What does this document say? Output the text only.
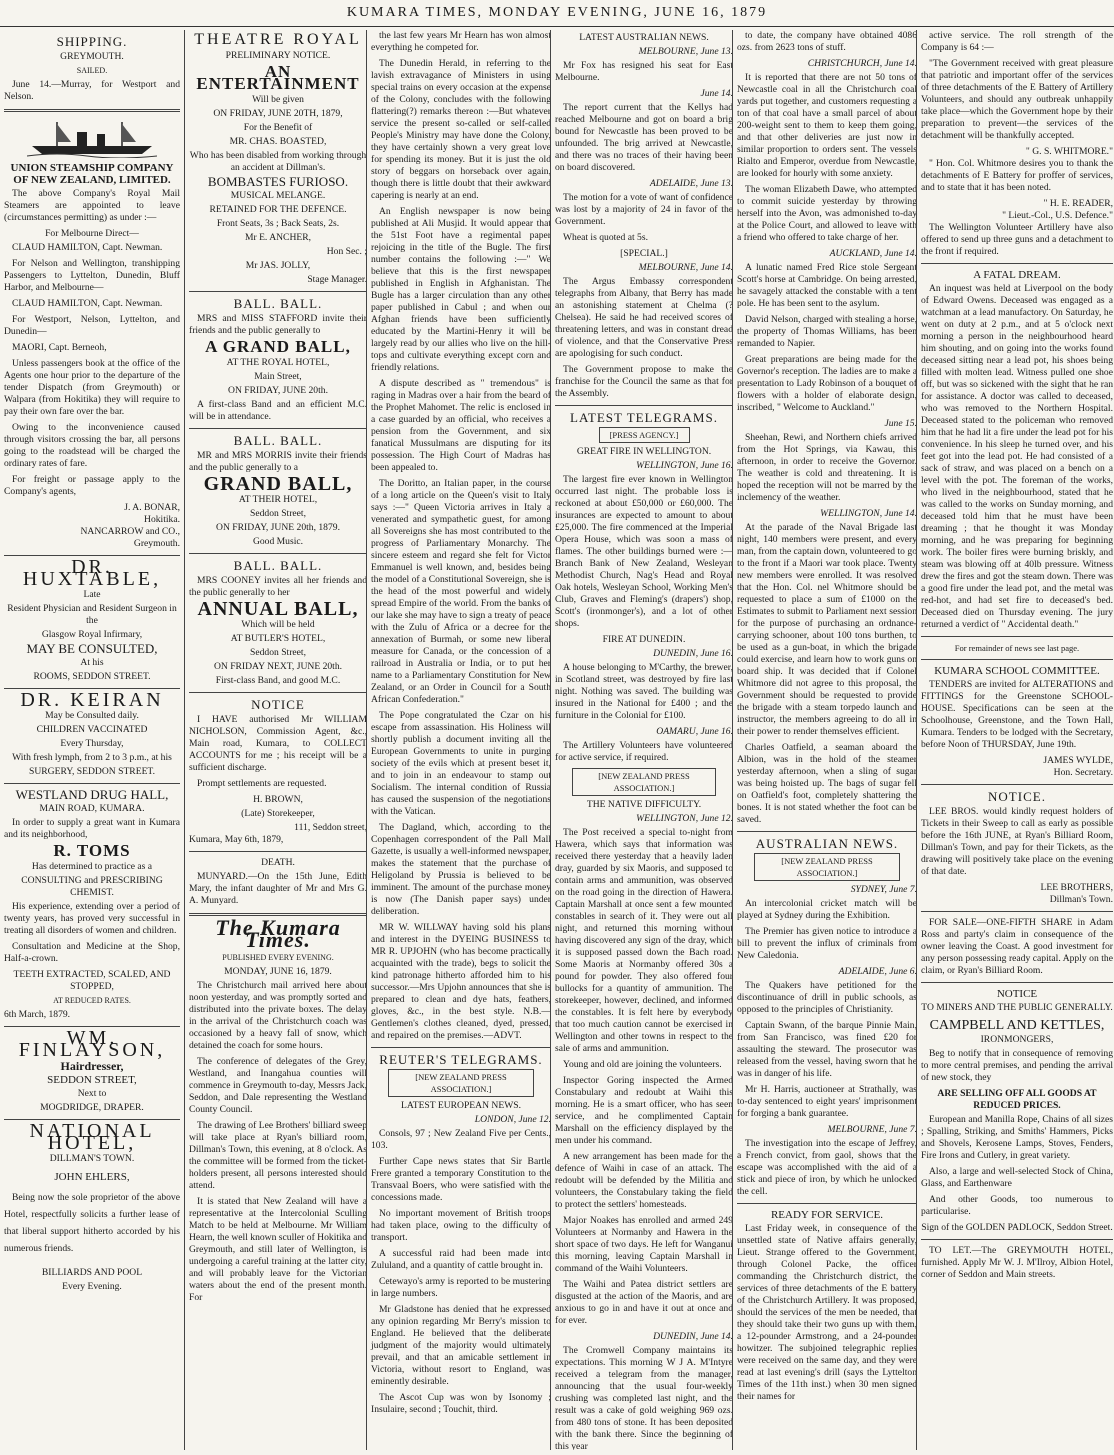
KUMARA TIMES, MONDAY EVENING, JUNE 16, 1879
SHIPPING.
GREYMOUTH.
SAILED.

June 14.—Murray, for Westport and Nelson.

UNION STEAMSHIP COMPANY OF NEW ZEALAND, LIMITED.

The above Company's Royal Mail Steamers are appointed to leave (circumstances permitting) as under :—

For Melbourne Direct—

CLAUD HAMILTON, Capt. Newman.

For Nelson and Wellington, transhipping Passengers to Lyttelton, Dunedin, Bluff Harbor, and Melbourne—

CLAUD HAMILTON, Capt. Newman.

For Westport, Nelson, Lyttelton, and Dunedin—

MAORI, Capt. Berneoh,

Unless passengers book at the office of the Agents one hour prior to the departure of the tender Dispatch (from Greymouth) or Walpara (from Hokitika) they will require to pay their own fare over the bar.

Owing to the inconvenience caused through visitors crossing the bar, all persons going to the roadstead will be charged the ordinary rates of fare.

For freight or passage apply to the Company's agents,

J. A. BONAR,
Hokitika.
NANCARROW and CO.,
Greymouth.
DR. HUXTABLE,
Late
Resident Physician and Resident Surgeon in the
Glasgow Royal Infirmary,
MAY BE CONSULTED,
At his
ROOMS, SEDDON STREET.
DR. KEIRAN
May be Consulted daily.
CHILDREN VACCINATED
Every Thursday,
With fresh lymph, from 2 to 3 p.m., at his
SURGERY, SEDDON STREET.
WESTLAND DRUG HALL,
MAIN ROAD, KUMARA.

In order to supply a great want in Kumara and its neighborhood,

R. TOMS
Has determined to practice as a
CONSULTING and PRESCRIBING CHEMIST.

His experience, extending over a period of twenty years, has proved very successful in treating all disorders of women and children.

Consultation and Medicine at the Shop, Half-a-crown.

TEETH EXTRACTED, SCALED, AND STOPPED,
AT REDUCED RATES.
6th March, 1879.
WM. FINLAYSON,
Hairdresser,
SEDDON STREET,
Next to
MOGDRIDGE, DRAPER.
NATIONAL HOTEL,
DILLMAN'S TOWN.
JOHN EHLERS,

Being now the sole proprietor of the above Hotel, respectfully solicits a further lease of that liberal support hitherto accorded by his numerous friends.

BILLIARDS AND POOL
Every Evening.
THEATRE ROYAL
PRELIMINARY NOTICE.
AN ENTERTAINMENT
Will be given
ON FRIDAY, JUNE 20TH, 1879,
For the Benefit of
MR. CHAS. BOASTED,
Who has been disabled from working through an accident at Dillman's.
BOMBASTES FURIOSO.
MUSICAL MELANGE.
RETAINED FOR THE DEFENCE.
Front Seats, 3s ; Back Seats, 2s.
Mr E. ANCHER,
Hon Sec. ;
Mr JAS. JOLLY,
Stage Manager.
BALL. BALL.

MRS and MISS STAFFORD invite their friends and the public generally to

A GRAND BALL,
AT THE ROYAL HOTEL,
Main Street,
ON FRIDAY, JUNE 20th.

A first-class Band and an efficient M.C. will be in attendance.

BALL. BALL.

MR and MRS MORRIS invite their friends and the public generally to a

GRAND BALL,
AT THEIR HOTEL,
Seddon Street,
ON FRIDAY, JUNE 20th, 1879.
Good Music.
BALL. BALL.

MRS COONEY invites all her friends and the public generally to her

ANNUAL BALL,
Which will be held
AT BUTLER'S HOTEL,
Seddon Street,
ON FRIDAY NEXT, JUNE 20th.
First-class Band, and good M.C.
NOTICE

I HAVE authorised Mr WILLIAM NICHOLSON, Commission Agent, &c., Main road, Kumara, to COLLECT ACCOUNTS for me ; his receipt will be a sufficient discharge.

Prompt settlements are requested.

H. BROWN,
(Late) Storekeeper,
111, Seddon street,
Kumara, May 6th, 1879,
DEATH.

MUNYARD.—On the 15th June, Edith Mary, the infant daughter of Mr and Mrs G. A. Munyard.

The Kumara Times.
PUBLISHED EVERY EVENING.
MONDAY, JUNE 16, 1879.

The Christchurch mail arrived here about noon yesterday, and was promptly sorted and distributed into the private boxes. The delay in the arrival of the Christchurch coach was occasioned by a heavy fall of snow, which detained the coach for some hours.

The conference of delegates of the Grey, Westland, and Inangahua counties will commence in Greymouth to-day, Messrs Jack, Seddon, and Dale representing the Westland County Council.

The drawing of Lee Brothers' billiard sweep will take place at Ryan's billiard room, Dillman's Town, this evening, at 8 o'clock. As the committee will be formed from the ticket-holders present, all persons interested should attend.

It is stated that New Zealand will have a representative at the Intercolonial Sculling Match to be held at Melbourne. Mr William Hearn, the well known sculler of Hokitika and Greymouth, and still later of Wellington, is undergoing a careful training at the latter city, and will probably leave for the Victorian waters about the end of the present month. For

the last few years Mr Hearn has won almost everything he competed for.

The Dunedin Herald, in referring to the lavish extravagance of Ministers in using special trains on every occasion at the expense of the Colony, concludes with the following flattering(?) remarks thereon :—But whatever service the present so-called or self-called People's Ministry may have done the Colony, they have certainly shown a very great love for spending its money. But it is just the old story of beggars on horseback over again, though there is little doubt that their awkward capering is nearly at an end.

An English newspaper is now being published at Ali Musjid. It would appear that the 51st Foot have a regimental paper rejoicing in the title of the Bugle. The first number contains the following :—" We believe that this is the first newspaper published in English in Afghanistan. The Bugle has a larger circulation than any other paper published in Cabul ; and when our Afghan friends have been sufficiently educated by the Martini-Henry it will be largely read by our allies who live on the hill-tops and cultivate everything except corn and friendly relations.

A dispute described as " tremendous" is raging in Madras over a hair from the beard of the Prophet Mahomet. The relic is enclosed in a case guarded by an official, who receives a pension from the Government, and six fanatical Mussulmans are disputing for its possession. The High Court of Madras has been appealed to.

The Doritto, an Italian paper, in the course of a long article on the Queen's visit to Italy says :—" Queen Victoria arrives in Italy a venerated and sympathetic guest, for among all Sovereigns she has most contributed to the progress of Parliamentary Monarchy. The sincere esteem and regard she felt for Victor Emmanuel is well known, and, besides being the model of a Constitutional Sovereign, she is the head of the most powerful and widely spread Empire of the world. From the banks of our lake she may have to sign a treaty of peace with the Zulu of Africa or a decree for the annexation of Burmah, or some new liberal measure for Canada, or the concession of a railroad in Australia or India, or to put her name to a Parliamentary Constitution for New Zealand, or an Order in Council for a South African Confederation."

The Pope congratulated the Czar on his escape from assassination. His Holiness will shortly publish a document inviting all the European Governments to unite in purging society of the evils which at present beset it, and to join in an endeavour to stamp out Socialism. The internal condition of Russia has caused the suspension of the negotiations with the Vatican.

The Dagland, which, according to the Copenhagen correspondent of the Pall Mall Gazette, is usually a well-informed newspaper, makes the statement that the purchase of Heligoland by Prussia is believed to be imminent. The amount of the purchase money is now (The Danish paper says) under deliberation.

MR W. WILLWAY having sold his plans and interest in the DYEING BUSINESS to MR R. UPJOHN (who has become practically acquainted with the trade), begs to solicit the kind patronage hitherto afforded him to his successor.—Mrs Upjohn announces that she is prepared to clean and dye hats, feathers, gloves, &c., in the best style. N.B.—Gentlemen's clothes cleaned, dyed, pressed, and repaired on the premises.—ADVT.

REUTER'S TELEGRAMS.
[NEW ZEALAND PRESS ASSOCIATION.]
LATEST EUROPEAN NEWS.
LONDON, June 12.

Consols, 97 ; New Zealand Five per Cents., 103.

Further Cape news states that Sir Bartle Frere granted a temporary Constitution to the Transvaal Boers, who were satisfied with the concessions made.

No important movement of British troops had taken place, owing to the difficulty of transport.

A successful raid had been made into Zululand, and a quantity of cattle brought in.

Cetewayo's army is reported to be mustering in large numbers.

Mr Gladstone has denied that he expressed any opinion regarding Mr Berry's mission to England. He believed that the deliberate judgment of the majority would ultimately prevail, and that an amicable settlement in Victoria, without resort to England, was eminently desirable.

The Ascot Cup was won by Isonomy ; Insulaire, second ; Touchit, third.

LATEST AUSTRALIAN NEWS.
MELBOURNE, June 13.

Mr Fox has resigned his seat for East Melbourne.

June 14.

The report current that the Kellys had reached Melbourne and got on board a brig bound for Newcastle has been proved to be unfounded. The brig arrived at Newcastle, and there was no traces of their having been on board discovered.

ADELAIDE, June 13.

The motion for a vote of want of confidence was lost by a majority of 24 in favor of the Government.

Wheat is quoted at 5s.

[SPECIAL.]
MELBOURNE, June 14.

The Argus Embassy correspondent telegraphs from Albany, that Berry has made an astonishing statement at Chelma (? Chelsea). He said he had received scores of threatening letters, and was in constant dread of violence, and that the Conservative Press are apologising for such conduct.

The Government propose to make the franchise for the Council the same as that for the Assembly.

LATEST TELEGRAMS.
[PRESS AGENCY.]
GREAT FIRE IN WELLINGTON.
WELLINGTON, June 16.

The largest fire ever known in Wellington occurred last night. The probable loss is reckoned at about £50,000 or £60,000. The insurances are expected to amount to about £25,000. The fire commenced at the Imperial Opera House, which was soon a mass of flames. The other buildings burned were :—Branch Bank of New Zealand, Wesleyan Methodist Church, Nag's Head and Royal Oak hotels, Wesleyan School, Working Men's Club, Graves and Fleming's (drapers') shop, Scott's (ironmonger's), and a lot of other shops.

FIRE AT DUNEDIN.
DUNEDIN, June 16.

A house belonging to M'Carthy, the brewer, in Scotland street, was destroyed by fire last night. Nothing was saved. The building was insured in the National for £400 ; and the furniture in the Colonial for £100.

OAMARU, June 16.

The Artillery Volunteers have volunteered for active service, if required.

[NEW ZEALAND PRESS ASSOCIATION.]
THE NATIVE DIFFICULTY.
WELLINGTON, June 12.

The Post received a special to-night from Hawera, which says that information was received there yesterday that a heavily laden dray, guarded by six Maoris, and supposed to contain arms and ammunition, was observed on the road going in the direction of Hawera. Captain Marshall at once sent a few mounted constables in search of it. They were out all night, and returned this morning without having discovered any sign of the dray, which it is supposed passed down the Bach road. Some Maoris at Normanby offered 30s a pound for powder. They also offered four bullocks for a quantity of ammunition. The storekeeper, however, declined, and informed the constables. It is felt here by everybody that too much caution cannot be exercised in Wellington and other towns in respect to the sale of arms and ammunition.

Young and old are joining the volunteers.

Inspector Goring inspected the Armed Constabulary and redoubt at Waihi this morning. He is a smart officer, who has seen service, and he complimented Captain Marshall on the efficiency displayed by the men under his command.

A new arrangement has been made for the defence of Waihi in case of an attack. The redoubt will be defended by the Militia and volunteers, the Constabulary taking the field to protect the settlers' homesteads.

Major Noakes has enrolled and armed 249 Volunteers at Normanby and Hawera in the short space of two days. He left for Wanganui this morning, leaving Captain Marshall in command of the Waihi Volunteers.

The Waihi and Patea district settlers are disgusted at the action of the Maoris, and are anxious to go in and have it out at once and for ever.

DUNEDIN, June 14.

The Cromwell Company maintains its expectations. This morning W J A. M'Intyre received a telegram from the manager, announcing that the usual four-weekly crushing was completed last night, and the result was a cake of gold weighing 969 ozs. from 480 tons of stone. It has been deposited with the bank there. Since the beginning of this year

to date, the company have obtained 4086 ozs. from 2623 tons of stuff.

CHRISTCHURCH, June 14.

It is reported that there are not 50 tons of Newcastle coal in all the Christchurch coal yards put together, and customers requesting a ton of that coal have a small parcel of about 200-weight sent to them to keep them going, and that other deliveries are just now in similar proportion to orders sent. The vessels Rialto and Emperor, overdue from Newcastle, are looked for hourly with some anxiety.

The woman Elizabeth Dawe, who attempted to commit suicide yesterday by throwing herself into the Avon, was admonished to-day at the Police Court, and allowed to leave with a friend who offered to take charge of her.

AUCKLAND, June 14.

A lunatic named Fred Rice stole Sergeant Scott's horse at Cambridge. On being arrested, he savagely attacked the constable with a tent pole. He has been sent to the asylum.

David Nelson, charged with stealing a horse, the property of Thomas Williams, has been remanded to Napier.

Great preparations are being made for the Governor's reception. The ladies are to make a presentation to Lady Robinson of a bouquet of flowers with a holder of elaborate design, inscribed, " Welcome to Auckland."

June 15.

Sheehan, Rewi, and Northern chiefs arrived from the Hot Springs, via Kawau, this afternoon, in order to receive the Governor. The weather is cold and threatening. It is hoped the reception will not be marred by the inclemency of the weather.

WELLINGTON, June 14.

At the parade of the Naval Brigade last night, 140 members were present, and every man, from the captain down, volunteered to go to the front if a Maori war took place. Twenty new members were enrolled. It was resolved that the Hon. Col. nel Whitmore should be requested to place a sum of £1000 on the Estimates to submit to Parliament next session for the purpose of purchasing an ordnance-carrying schooner, about 100 tons burthen, to be used as a gun-boat, in which the brigade could exercise, and learn how to work guns on board ship. It was decided that if Colonel Whitmore did not agree to this proposal, the Government should be requested to provide the brigade with a steam torpedo launch and instructor, the members agreeing to do all in their power to render themselves efficient.

Charles Oatfield, a seaman aboard the Albion, was in the hold of the steamer yesterday afternoon, when a sling of sugar was being hoisted up. The bags of sugar fell on Oatfield's foot, completely shattering the bones. It is not stated whether the foot can be saved.

AUSTRALIAN NEWS.
[NEW ZEALAND PRESS ASSOCIATION.]
SYDNEY, June 7.

An intercolonial cricket match will be played at Sydney during the Exhibition.

The Premier has given notice to introduce a bill to prevent the influx of criminals from New Caledonia.

ADELAIDE, June 6.

The Quakers have petitioned for the discontinuance of drill in public schools, as opposed to the principles of Christianity.

Captain Swann, of the barque Pinnie Main, from San Francisco, was fined £20 for assaulting the steward. The prosecutor was released from the vessel, having sworn that he was in danger of his life.

Mr H. Harris, auctioneer at Strathally, was to-day sentenced to eight years' imprisonment for forging a bank guarantee.

MELBOURNE, June 7.

The investigation into the escape of Jeffrey, a French convict, from gaol, shows that the escape was accomplished with the aid of a stick and piece of iron, by which he unlocked the cell.

READY FOR SERVICE.

Last Friday week, in consequence of the unsettled state of Native affairs generally, Lieut. Strange offered to the Government, through Colonel Packe, the officer commanding the Christchurch district, the services of three detachments of the E battery of the Christchurch Artillery. It was proposed, should the services of the men be needed, that they should take their two guns up with them, a 12-pounder Armstrong, and a 24-pounder howitzer. The subjoined telegraphic replies were received on the same day, and they were read at last evening's drill (says the Lyttelton Times of the 11th inst.) when 30 men signed their names for

active service. The roll strength of the Company is 64 :—

"The Government received with great pleasure that patriotic and important offer of the services of three detachments of the E Battery of Artillery Volunteers, and should any outbreak unhappily take place—which the Government hope by their preparation to prevent—the services of the detachment will be thankfully accepted.

" G. S. WHITMORE."

" Hon. Col. Whitmore desires you to thank the detachments of E Battery for proffer of services, and to state that it has been noted.

" H. E. READER,
" Lieut.-Col., U.S. Defence."

The Wellington Volunteer Artillery have also offered to send up three guns and a detachment to the front if required.

A FATAL DREAM.

An inquest was held at Liverpool on the body of Edward Owens. Deceased was engaged as a watchman at a lead manufactory. On Saturday, he went on duty at 2 p.m., and at 5 o'clock next morning a person in the neighbourhood heard him shouting, and on going into the works found deceased sitting near a lead pot, his shoes being filled with molten lead. Witness pulled one shoe off, but was so sickened with the sight that he ran for assistance. A doctor was called to deceased, who was removed to the Northern Hospital. Deceased stated to the policeman who removed him that he had lit a fire under the lead pot for his convenience. In his sleep he turned over, and his feet got into the lead pot. He had consisted of a sack of straw, and was placed on a bench on a level with the pot. The foreman of the works, who lived in the neighbourhood, stated that he was called to the works on Sunday morning, and deceased told him that he must have been dreaming ; that he thought it was Monday morning, and he was preparing for beginning work. The boiler fires were burning briskly, and steam was blowing off at 40lb pressure. Witness drew the fires and got the steam down. There was a good fire under the lead pot, and the metal was red-hot, and had set fire to deceased's bed. Deceased died on Thursday evening. The jury returned a verdict of " Accidental death."

For remainder of news see last page.
KUMARA SCHOOL COMMITTEE.

TENDERS are invited for ALTERATIONS and FITTINGS for the Greenstone SCHOOL-HOUSE. Specifications can be seen at the Schoolhouse, Greenstone, and the Town Hall, Kumara. Tenders to be lodged with the Secretary, before Noon of THURSDAY, June 19th.

JAMES WYLDE,
Hon. Secretary.
NOTICE.

LEE BROS. would kindly request holders of Tickets in their Sweep to call as early as possible before the 16th JUNE, at Ryan's Billiard Room, Dillman's Town, and pay for their Tickets, as the drawing will positively take place on the evening of that date.

LEE BROTHERS,
Dillman's Town.

FOR SALE—ONE-FIFTH SHARE in Adam Ross and party's claim in consequence of the owner leaving the Coast. A good investment for any person possessing ready capital. Apply on the claim, or Ryan's Billiard Room.

NOTICE
TO MINERS AND THE PUBLIC GENERALLY.
CAMPBELL AND KETTLES,
IRONMONGERS,

Beg to notify that in consequence of removing to more central premises, and pending the arrival of new stock, they

ARE SELLING OFF ALL GOODS AT REDUCED PRICES.

European and Manilla Rope, Chains of all sizes ; Spalling, Striking, and Smiths' Hammers, Picks and Shovels, Kerosene Lamps, Stoves, Fenders, Fire Irons and Cutlery, in great variety.

Also, a large and well-selected Stock of China, Glass, and Earthenware

And other Goods, too numerous to particularise.

Sign of the GOLDEN PADLOCK, Seddon Street.

TO LET.—The GREYMOUTH HOTEL, furnished. Apply Mr W. J. M'Ilroy, Albion Hotel, corner of Seddon and Main streets.
